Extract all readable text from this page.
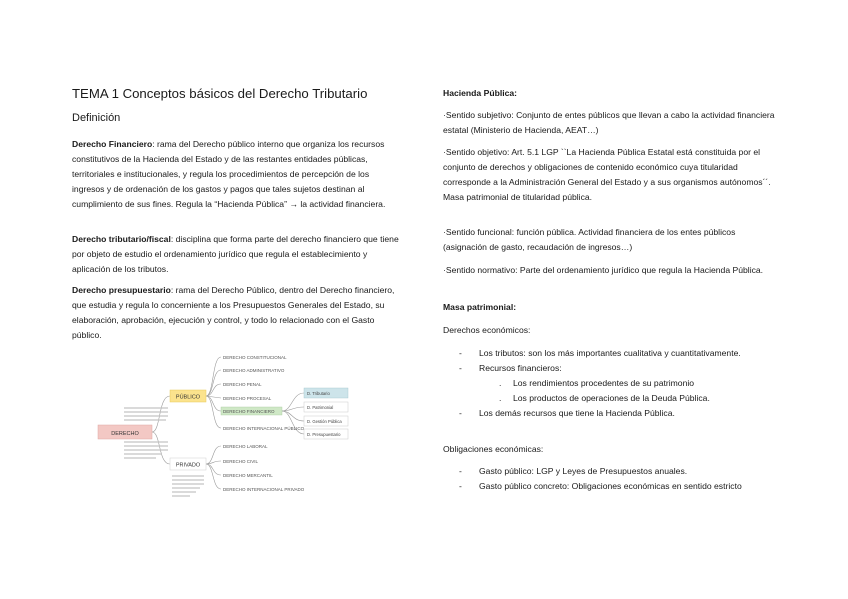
TEMA 1 Conceptos básicos del Derecho Tributario
Definición

Derecho Financiero: rama del Derecho público interno que organiza los recursos constitutivos de la Hacienda del Estado y de las restantes entidades públicas, territoriales e institucionales, y regula los procedimientos de percepción de los ingresos y de ordenación de los gastos y pagos que tales sujetos destinan al cumplimiento de sus fines. Regula la “Hacienda Pública” → la actividad financiera.

Derecho tributario/fiscal: disciplina que forma parte del derecho financiero que tiene por objeto de estudio el ordenamiento jurídico que regula el establecimiento y aplicación de los tributos.

Derecho presupuestario: rama del Derecho Público, dentro del Derecho financiero, que estudia y regula lo concerniente a los Presupuestos Generales del Estado, su elaboración, aprobación, ejecución y control, y todo lo relacionado con el Gasto público.

DERECHO
PÚBLICO
PRIVADO
DERECHO CONSTITUCIONAL
DERECHO ADMINISTRATIVO
DERECHO PENAL
DERECHO PROCESAL
DERECHO FINANCIERO
DERECHO INTERNACIONAL PÚBLICO
DERECHO LABORAL
DERECHO CIVIL
DERECHO MERCANTIL
DERECHO INTERNACIONAL PRIVADO
D. Tributario
D. Patrimonial
D. Gestión Pública
D. Presupuestario

Hacienda Pública:

·Sentido subjetivo: Conjunto de entes públicos que llevan a cabo la actividad financiera estatal (Ministerio de Hacienda, AEAT…)

·Sentido objetivo: Art. 5.1 LGP ``La Hacienda Pública Estatal está constituida por el conjunto de derechos y obligaciones de contenido económico cuya titularidad corresponde a la Administración General del Estado y a sus organismos autónomos´´. Masa patrimonial de titularidad pública.

·Sentido funcional: función pública. Actividad financiera de los entes públicos (asignación de gasto, recaudación de ingresos…)

·Sentido normativo: Parte del ordenamiento jurídico que regula la Hacienda Pública.

Masa patrimonial:

Derechos económicos:

- Los tributos: son los más importantes cualitativa y cuantitativamente.
- Recursos financieros:
. Los rendimientos procedentes de su patrimonio
. Los productos de operaciones de la Deuda Pública.
- Los demás recursos que tiene la Hacienda Pública.

Obligaciones económicas:

- Gasto público: LGP y Leyes de Presupuestos anuales.
- Gasto público concreto: Obligaciones económicas en sentido estricto
